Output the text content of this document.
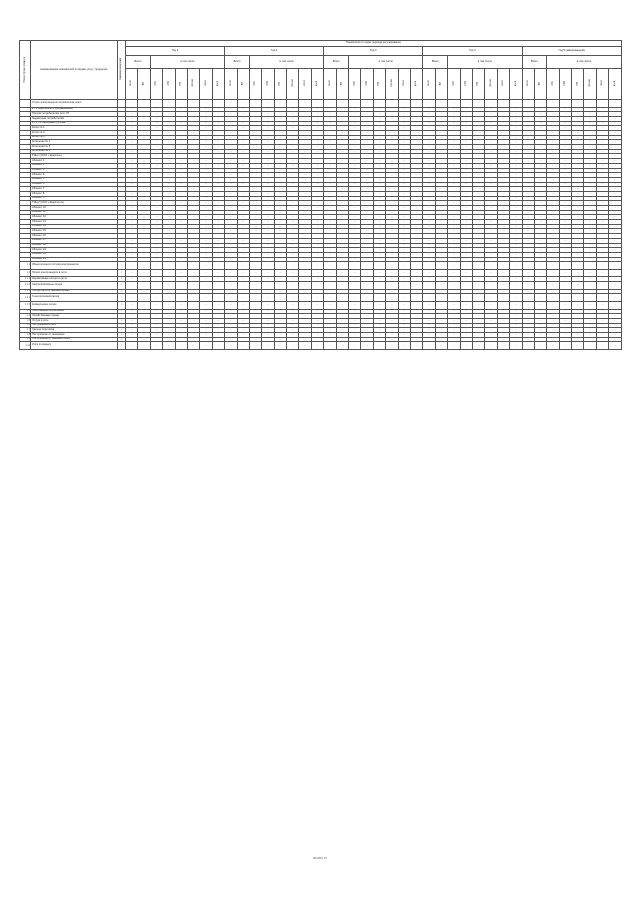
Номер строки / раздела	Наименование показателей по видам услуг / продукции	Единица измерения	Показатели по годам периода регулирования																																							
			Год 1								Год 2								Год 3								Год 4								Год 5 (завершающий)							
			Всего		в том числе						Всего		в том числе						Всего		в том числе						Всего		в том числе						Всего		в том числе					
			всего	ВН	СН1	СН2	НН	прочие	итого	доля	всего	ВН	СН1	СН2	НН	прочие	итого	доля	всего	ВН	СН1	СН2	НН	прочие	итого	доля	всего	ВН	СН1	СН2	НН	прочие	итого	доля	всего	ВН	СН1	СН2	НН	прочие	итого	доля
	Отпуск электроэнергии потребителям, всего		—	—	—	—	—	—	—	—	—	—	—	—	—	—	—	—	—	—	—	—	—	—	—	—	—	—	—	—	—	—	—	—	—	—	—	—	—	—	—	—
	в т.ч. населению и приравненным		—	—	—	—	—	—	—	—	—	—	—	—	—	—	—	—	—	—	—	—	—	—	—	—	—	—	—	—	—	—	—	—	—	—	—	—	—	—	—	—
	Прочим потребителям сети ГП		—	—	—	—	—	—	—	—	—	—	—	—	—	—	—	—	—	—	—	—	—	—	—	—	—	—	—	—	—	—	—	—	—	—	—	—	—	—	—	—
	бюджетным потребителям		—	—	—	—	—	—	—	—	—	—	—	—	—	—	—	—	—	—	—	—	—	—	—	—	—	—	—	—	—	—	—	—	—	—	—	—	—	—	—	—
	в т.ч. по тарифным группам		—	—	—	—	—	—	—	—	—	—	—	—	—	—	—	—	—	—	—	—	—	—	—	—	—	—	—	—	—	—	—	—	—	—	—	—	—	—	—	—
	Котел № 1		—	—	—	—	—	—	—	—	—	—	—	—	—	—	—	—	—	—	—	—	—	—	—	—	—	—	—	—	—	—	—	—	—	—	—	—	—	—	—	—
	Котел № 2		—	—	—	—	—	—	—	—	—	—	—	—	—	—	—	—	—	—	—	—	—	—	—	—	—	—	—	—	—	—	—	—	—	—	—	—	—	—	—	—
	Котел № 3		—	—	—	—	—	—	—	—	—	—	—	—	—	—	—	—	—	—	—	—	—	—	—	—	—	—	—	—	—	—	—	—	—	—	—	—	—	—	—	—
	Котельная № 4		—	—	—	—	—	—	—	—	—	—	—	—	—	—	—	—	—	—	—	—	—	—	—	—	—	—	—	—	—	—	—	—	—	—	—	—	—	—	—	—
	Котельная № 5		—	—	—	—	—	—	—	—	—	—	—	—	—	—	—	—	—	—	—	—	—	—	—	—	—	—	—	—	—	—	—	—	—	—	—	—	—	—	—	—
	Котельная № 6		—	—	—	—	—	—	—	—	—	—	—	—	—	—	—	—	—	—	—	—	—	—	—	—	—	—	—	—	—	—	—	—	—	—	—	—	—	—	—	—
	ТЭЦ-1 (ООО «Энергия»)		—	—	—	—	—	—	—	—	—	—	—	—	—	—	—	—	—	—	—	—	—	—	—	—	—	—	—	—	—	—	—	—	—	—	—	—	—	—	—	—
	Абонент 1		—	—	—	—	—	—	—	—	—	—	—	—	—	—	—	—	—	—	—	—	—	—	—	—	—	—	—	—	—	—	—	—	—	—	—	—	—	—	—	—
	Абонент 2		—	—	—	—	—	—	—	—	—	—	—	—	—	—	—	—	—	—	—	—	—	—	—	—	—	—	—	—	—	—	—	—	—	—	—	—	—	—	—	—
	Абонент 3		—	—	—	—	—	—	—	—	—	—	—	—	—	—	—	—	—	—	—	—	—	—	—	—	—	—	—	—	—	—	—	—	—	—	—	—	—	—	—	—
	Абонент 4		—	—	—	—	—	—	—	—	—	—	—	—	—	—	—	—	—	—	—	—	—	—	—	—	—	—	—	—	—	—	—	—	—	—	—	—	—	—	—	—
	Абонент 5		—	—	—	—	—	—	—	—	—	—	—	—	—	—	—	—	—	—	—	—	—	—	—	—	—	—	—	—	—	—	—	—	—	—	—	—	—	—	—	—
	Абонент 6		—	—	—	—	—	—	—	—	—	—	—	—	—	—	—	—	—	—	—	—	—	—	—	—	—	—	—	—	—	—	—	—	—	—	—	—	—	—	—	—
	Абонент 7		—	—	—	—	—	—	—	—	—	—	—	—	—	—	—	—	—	—	—	—	—	—	—	—	—	—	—	—	—	—	—	—	—	—	—	—	—	—	—	—
	Абонент 8		—	—	—	—	—	—	—	—	—	—	—	—	—	—	—	—	—	—	—	—	—	—	—	—	—	—	—	—	—	—	—	—	—	—	—	—	—	—	—	—
	Абонент 9		—	—	—	—	—	—	—	—	—	—	—	—	—	—	—	—	—	—	—	—	—	—	—	—	—	—	—	—	—	—	—	—	—	—	—	—	—	—	—	—
	ТЭЦ-2 (ООО «Энергия-2»)		—	—	—	—	—	—	—	—	—	—	—	—	—	—	—	—	—	—	—	—	—	—	—	—	—	—	—	—	—	—	—	—	—	—	—	—	—	—	—	—
	Абонент 10		—	—	—	—	—	—	—	—	—	—	—	—	—	—	—	—	—	—	—	—	—	—	—	—	—	—	—	—	—	—	—	—	—	—	—	—	—	—	—	—
	Абонент 11		—	—	—	—	—	—	—	—	—	—	—	—	—	—	—	—	—	—	—	—	—	—	—	—	—	—	—	—	—	—	—	—	—	—	—	—	—	—	—	—
	Абонент 12		—	—	—	—	—	—	—	—	—	—	—	—	—	—	—	—	—	—	—	—	—	—	—	—	—	—	—	—	—	—	—	—	—	—	—	—	—	—	—	—
	Абонент 13		—	—	—	—	—	—	—	—	—	—	—	—	—	—	—	—	—	—	—	—	—	—	—	—	—	—	—	—	—	—	—	—	—	—	—	—	—	—	—	—
	Абонент 14		—	—	—	—	—	—	—	—	—	—	—	—	—	—	—	—	—	—	—	—	—	—	—	—	—	—	—	—	—	—	—	—	—	—	—	—	—	—	—	—
	Абонент 15		—	—	—	—	—	—	—	—	—	—	—	—	—	—	—	—	—	—	—	—	—	—	—	—	—	—	—	—	—	—	—	—	—	—	—	—	—	—	—	—
	Абонент 16		—	—	—	—	—	—	—	—	—	—	—	—	—	—	—	—	—	—	—	—	—	—	—	—	—	—	—	—	—	—	—	—	—	—	—	—	—	—	—	—
	Абонент 17		—	—	—	—	—	—	—	—	—	—	—	—	—	—	—	—	—	—	—	—	—	—	—	—	—	—	—	—	—	—	—	—	—	—	—	—	—	—	—	—
	Абонент 18		—	—	—	—	—	—	—	—	—	—	—	—	—	—	—	—	—	—	—	—	—	—	—	—	—	—	—	—	—	—	—	—	—	—	—	—	—	—	—	—
	Абонент 19		—	—	—	—	—	—	—	—	—	—	—	—	—	—	—	—	—	—	—	—	—	—	—	—	—	—	—	—	—	—	—	—	—	—	—	—	—	—	—	—
	Абонент 20		—	—	—	—	—	—	—	—	—	—	—	—	—	—	—	—	—	—	—	—	—	—	—	—	—	—	—	—	—	—	—	—	—	—	—	—	—	—	—	—
	Абонент 21		—	—	—	—	—	—	—	—	—	—	—	—	—	—	—	—	—	—	—	—	—	—	—	—	—	—	—	—	—	—	—	—	—	—	—	—	—	—	—	—
1.1	Объем полезного отпуска электроэнергии	1	—	—	—	—	—	—	—	—	—	—	—	—	—	—	—	—	—	—	—	—	—	—	—	—	—	—	—	—	—	—	—	—	—	—	—	—	—	—	—	—
1.2	Потери электроэнергии в сетях	1	—	—	—	—	—	—	—	—	—	—	—	—	—	—	—	—	—	—	—	—	—	—	—	—	—	—	—	—	—	—	—	—	—	—	—	—	—	—	—	—
1.2.1	Нормативные потери в сетях	1	—	—	—	—	—	—	—	—	—	—	—	—	—	—	—	—	—	—	—	—	—	—	—	—	—	—	—	—	—	—	—	—	—	—	—	—	—	—	—	—
1.2.2	Сверхнормативные потери	1	—	—	—	—	—	—	—	—	—	—	—	—	—	—	—	—	—	—	—	—	—	—	—	—	—	—	—	—	—	—	—	—	—	—	—	—	—	—	—	—
1.2.3	Потери на собственные нужды	1	—	—	—	—	—	—	—	—	—	—	—	—	—	—	—	—	—	—	—	—	—	—	—	—	—	—	—	—	—	—	—	—	—	—	—	—	—	—	—	—
1.2.4	Технологический расход	1	—	—	—	—	—	—	—	—	—	—	—	—	—	—	—	—	—	—	—	—	—	—	—	—	—	—	—	—	—	—	—	—	—	—	—	—	—	—	—	—
1.2.5	Коммерческие потери	1	—	—	—	—	—	—	—	—	—	—	—	—	—	—	—	—	—	—	—	—	—	—	—	—	—	—	—	—	—	—	—	—	—	—	—	—	—	—	—	—
1.3	Собственное потребление	1	—	—	—	—	—	—	—	—	—	—	—	—	—	—	—	—	—	—	—	—	—	—	—	—	—	—	—	—	—	—	—	—	—	—	—	—	—	—	—	—
1.4	Хозяйственные нужды	1	—	—	—	—	—	—	—	—	—	—	—	—	—	—	—	—	—	—	—	—	—	—	—	—	—	—	—	—	—	—	—	—	—	—	—	—	—	—	—	—
1.5	Отпуск в сеть	1	—	—	—	—	—	—	—	—	—	—	—	—	—	—	—	—	—	—	—	—	—	—	—	—	—	—	—	—	—	—	—	—	—	—	—	—	—	—	—	—
1.6	Поступление в сеть	1	—	—	—	—	—	—	—	—	—	—	—	—	—	—	—	—	—	—	—	—	—	—	—	—	—	—	—	—	—	—	—	—	—	—	—	—	—	—	—	—
1.7	Сальдо перетоков	1	—	—	—	—	—	—	—	—	—	—	—	—	—	—	—	—	—	—	—	—	—	—	—	—	—	—	—	—	—	—	—	—	—	—	—	—	—	—	—	—
1.8	Поступление от генерации	1	—	—	—	—	—	—	—	—	—	—	—	—	—	—	—	—	—	—	—	—	—	—	—	—	—	—	—	—	—	—	—	—	—	—	—	—	—	—	—	—
1.9	Поступление от смежных сетей	1	—	—	—	—	—	—	—	—	—	—	—	—	—	—	—	—	—	—	—	—	—	—	—	—	—	—	—	—	—	—	—	—	—	—	—	—	—	—	—	—
1.10	Итого по разделу	1	—	—	—	—	—	—	—	—	—	—	—	—	—	—	—	—	—	—	—	—	—	—	—	—	—	—	—	—	—	—	—	—	—	—	—	—	—	—	—	—
000000-07
